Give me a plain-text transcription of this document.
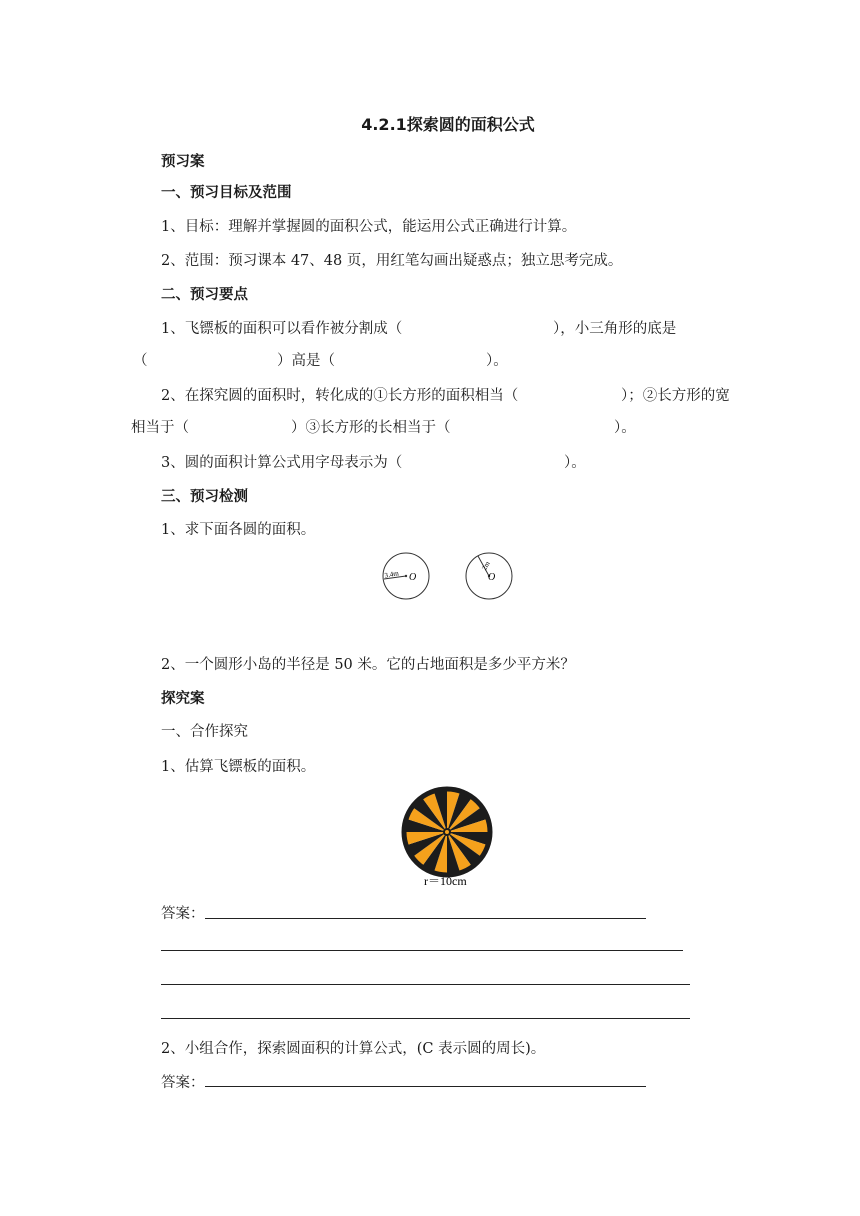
4.2.1探索圆的面积公式
预习案
一、预习目标及范围
1、目标：理解并掌握圆的面积公式，能运用公式正确进行计算。
2、范围：预习课本 47、48 页，用红笔勾画出疑惑点；独立思考完成。
二、预习要点
1、飞镖板的面积可以看作被分割成（	），小三角形的底是
（	）高是（	）。
2、在探究圆的面积时，转化成的①长方形的面积相当（	）；②长方形的宽
相当于（	）③长方形的长相当于（	）。
3、圆的面积计算公式用字母表示为（	）。
三、预习检测
1、求下面各圆的面积。
3.4m O
2m
O
2、一个圆形小岛的半径是 50 米。它的占地面积是多少平方米？
探究案
一、合作探究
1、估算飞镖板的面积。
r＝10cm
答案：
2、小组合作，探索圆面积的计算公式，(C 表示圆的周长)。
答案：
